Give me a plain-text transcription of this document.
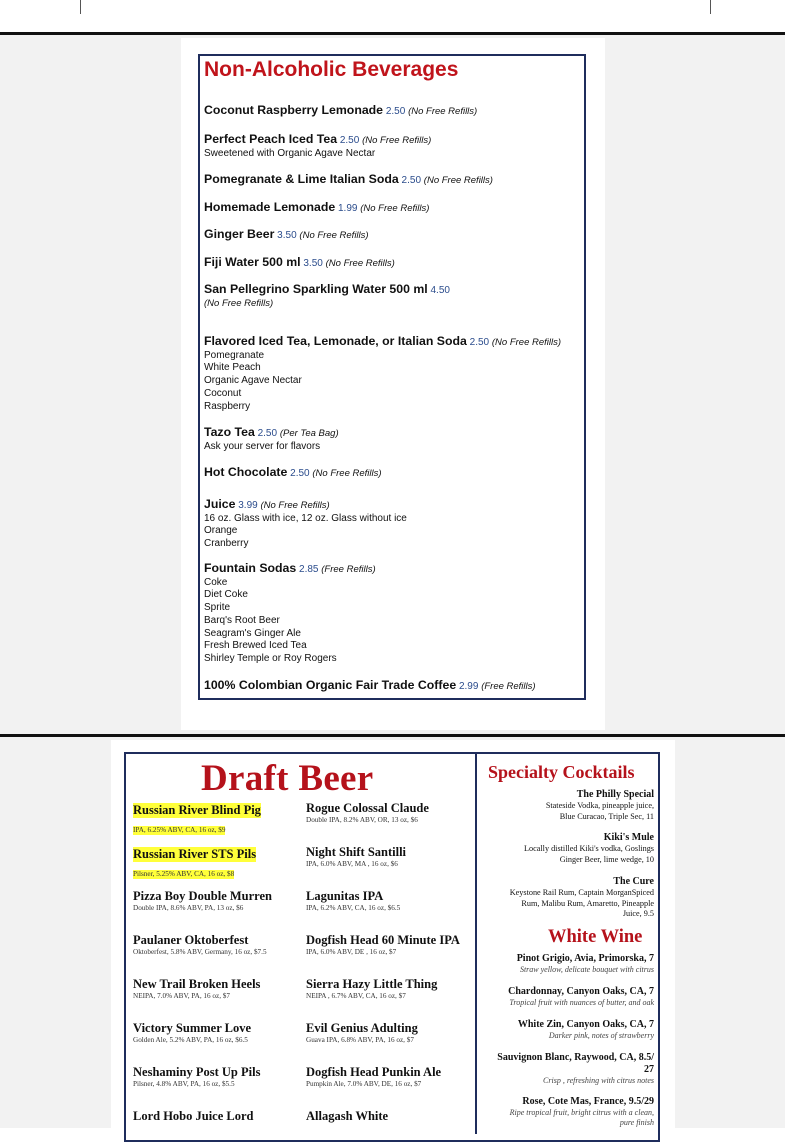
Non-Alcoholic Beverages
Coconut Raspberry Lemonade 2.50 (No Free Refills)
Perfect Peach Iced Tea 2.50 (No Free Refills)
Sweetened with Organic Agave Nectar
Pomegranate & Lime Italian Soda 2.50 (No Free Refills)
Homemade Lemonade 1.99 (No Free Refills)
Ginger Beer 3.50 (No Free Refills)
Fiji Water 500 ml 3.50 (No Free Refills)
San Pellegrino Sparkling Water 500 ml 4.50
(No Free Refills)
Flavored Iced Tea, Lemonade, or Italian Soda 2.50 (No Free Refills)
Pomegranate
White Peach
Organic Agave Nectar
Coconut
Raspberry
Tazo Tea 2.50 (Per Tea Bag)
Ask your server for flavors
Hot Chocolate 2.50 (No Free Refills)
Juice 3.99 (No Free Refills)
16 oz. Glass with ice, 12 oz. Glass without ice
Orange
Cranberry
Fountain Sodas 2.85 (Free Refills)
Coke
Diet Coke
Sprite
Barq's Root Beer
Seagram's Ginger Ale
Fresh Brewed Iced Tea
Shirley Temple or Roy Rogers
100% Colombian Organic Fair Trade Coffee 2.99 (Free Refills)
Draft Beer
Russian River Blind Pig
IPA, 6.25% ABV, CA, 16 oz, $9
Russian River STS Pils
Pilsner, 5.25% ABV, CA, 16 oz, $8
Pizza Boy Double Murren
Double IPA, 8.6% ABV, PA, 13 oz, $6
Paulaner Oktoberfest
Oktoberfest, 5.8% ABV, Germany, 16 oz, $7.5
New Trail Broken Heels
NEIPA, 7.0% ABV, PA, 16 oz, $7
Victory Summer Love
Golden Ale, 5.2% ABV, PA, 16 oz, $6.5
Neshaminy Post Up Pils
Pilsner, 4.8% ABV, PA, 16 oz, $5.5
Lord Hobo Juice Lord
Rogue Colossal Claude
Double IPA, 8.2% ABV, OR, 13 oz, $6
Night Shift Santilli
IPA, 6.0% ABV, MA , 16 oz, $6
Lagunitas IPA
IPA, 6.2% ABV, CA, 16 oz, $6.5
Dogfish Head 60 Minute IPA
IPA, 6.0% ABV, DE , 16 oz, $7
Sierra Hazy Little Thing
NEIPA , 6.7% ABV, CA, 16 oz, $7
Evil Genius Adulting
Guava IPA, 6.8% ABV, PA, 16 oz, $7
Dogfish Head Punkin Ale
Pumpkin Ale, 7.0% ABV, DE, 16 oz, $7
Allagash White
Specialty Cocktails
The Philly Special
Stateside Vodka, pineapple juice,
Blue Curacao, Triple Sec, 11
Kiki's Mule
Locally distilled Kiki's vodka, Goslings
Ginger Beer, lime wedge, 10
The Cure
Keystone Rail Rum, Captain MorganSpiced
Rum, Malibu Rum, Amaretto, Pineapple
Juice, 9.5
White Wine
Pinot Grigio, Avia, Primorska, 7
Straw yellow, delicate bouquet with citrus
Chardonnay, Canyon Oaks, CA, 7
Tropical fruit with nuances of butter, and oak
White Zin, Canyon Oaks, CA, 7
Darker pink, notes of strawberry
Sauvignon Blanc, Raywood, CA, 8.5/
27
Crisp , refreshing with citrus notes
Rose, Cote Mas, France, 9.5/29
Ripe tropical fruit, bright citrus with a clean,
pure finish
